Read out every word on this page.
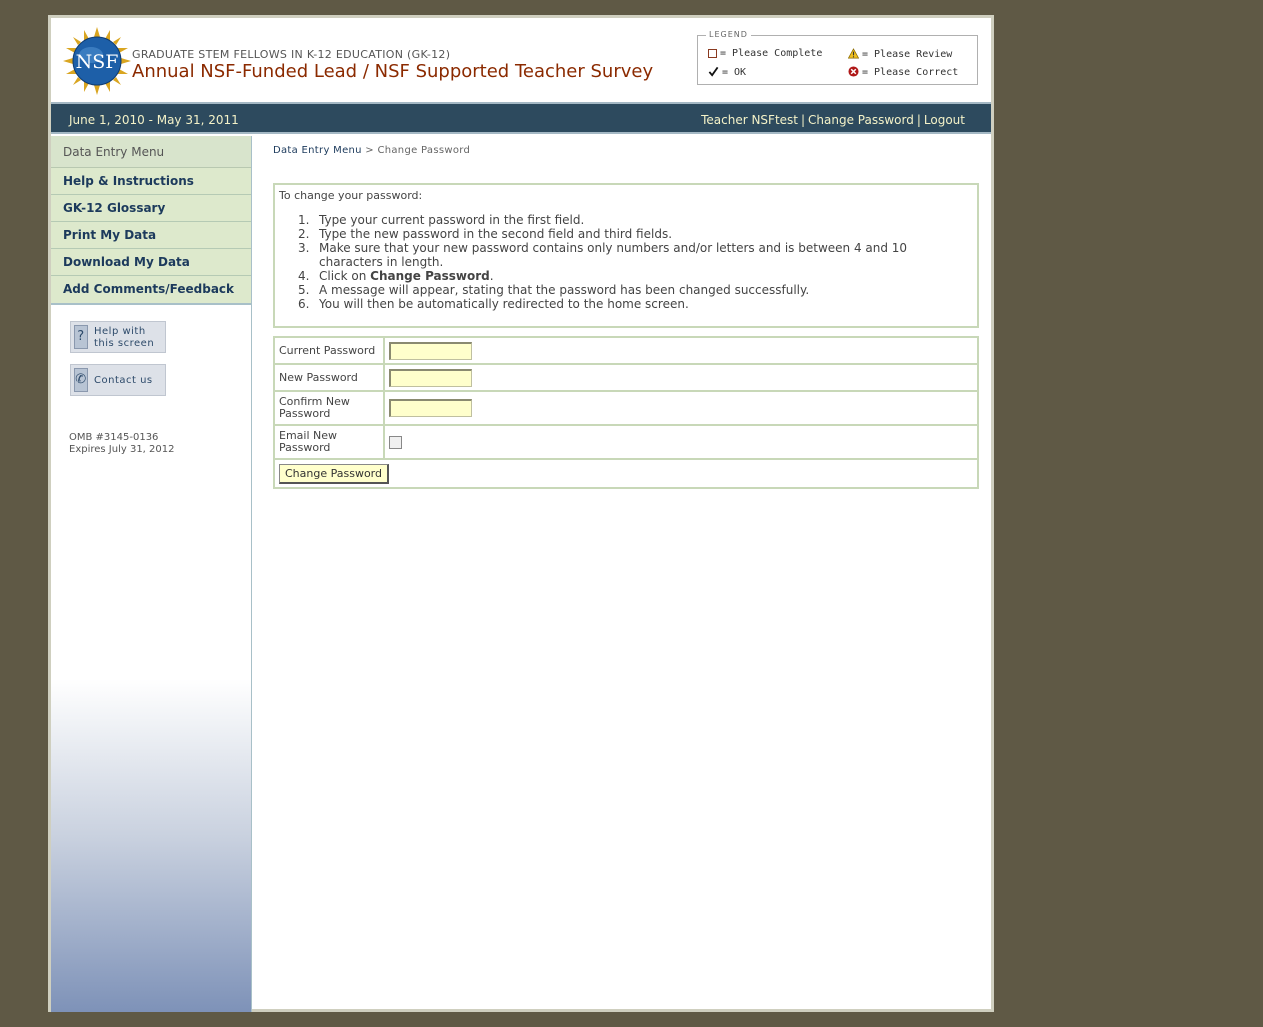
NSF GRADUATE STEM FELLOWS IN K-12 EDUCATION (GK-12)
Annual NSF-Funded Lead / NSF Supported Teacher Survey
LEGEND
= Please Complete	= Please Review
= OK	= Please Correct
June 1, 2010 - May 31, 2011	Teacher NSFtest | Change Password | Logout
Data Entry Menu
Help & Instructions
GK-12 Glossary
Print My Data
Download My Data
Add Comments/Feedback
? Help with
this screen
✆ Contact us
OMB #3145-0136
Expires July 31, 2012
Data Entry Menu > Change Password
To change your password:
1. Type your current password in the first field.
2. Type the new password in the second field and third fields.
3. Make sure that your new password contains only numbers and/or letters and is between 4 and 10 characters in length.
4. Click on Change Password.
5. A message will appear, stating that the password has been changed successfully.
6. You will then be automatically redirected to the home screen.
Current Password	
New Password	
Confirm New
Password	
Email New
Password	
Change Password	
